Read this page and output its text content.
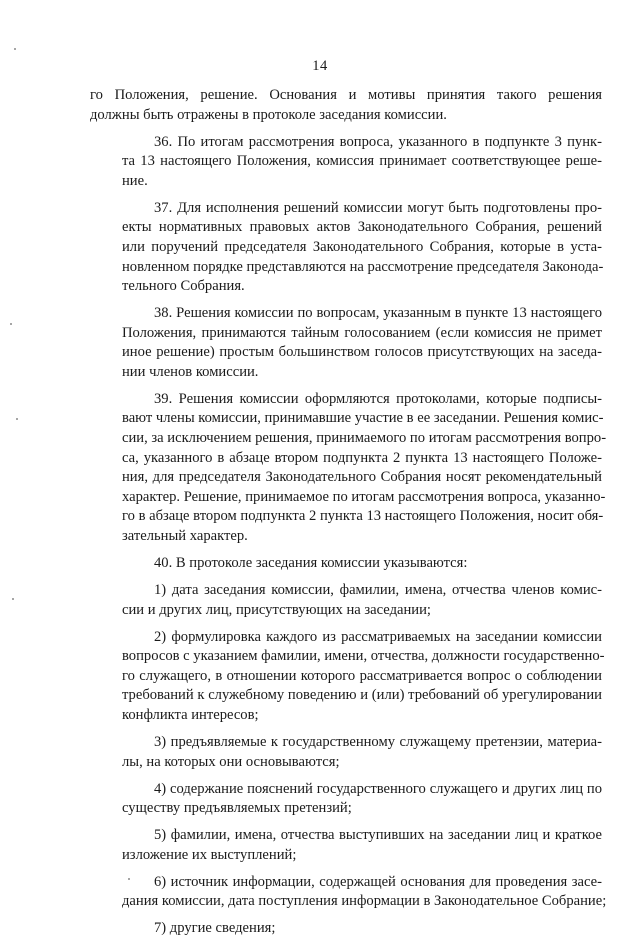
14
го Положения, решение. Основания и мотивы принятия такого решения
должны быть отражены в протоколе заседания комиссии.
36. По итогам рассмотрения вопроса, указанного в подпункте 3 пунк-
та 13 настоящего Положения, комиссия принимает соответствующее реше-
ние.
37. Для исполнения решений комиссии могут быть подготовлены про-
екты нормативных правовых актов Законодательного Собрания, решений
или поручений председателя Законодательного Собрания, которые в уста-
новленном порядке представляются на рассмотрение председателя Законода-
тельного Собрания.
38. Решения комиссии по вопросам, указанным в пункте 13 настоящего
Положения, принимаются тайным голосованием (если комиссия не примет
иное решение) простым большинством голосов присутствующих на заседа-
нии членов комиссии.
39. Решения комиссии оформляются протоколами, которые подписы-
вают члены комиссии, принимавшие участие в ее заседании. Решения комис-
сии, за исключением решения, принимаемого по итогам рассмотрения вопро-
са, указанного в абзаце втором подпункта 2 пункта 13 настоящего Положе-
ния, для председателя Законодательного Собрания носят рекомендательный
характер. Решение, принимаемое по итогам рассмотрения вопроса, указанно-
го в абзаце втором подпункта 2 пункта 13 настоящего Положения, носит обя-
зательный характер.
40. В протоколе заседания комиссии указываются:
1) дата заседания комиссии, фамилии, имена, отчества членов комис-
сии и других лиц, присутствующих на заседании;
2) формулировка каждого из рассматриваемых на заседании комиссии
вопросов с указанием фамилии, имени, отчества, должности государственно-
го служащего, в отношении которого рассматривается вопрос о соблюдении
требований к служебному поведению и (или) требований об урегулировании
конфликта интересов;
3) предъявляемые к государственному служащему претензии, материа-
лы, на которых они основываются;
4) содержание пояснений государственного служащего и других лиц по
существу предъявляемых претензий;
5) фамилии, имена, отчества выступивших на заседании лиц и краткое
изложение их выступлений;
6) источник информации, содержащей основания для проведения засе-
дания комиссии, дата поступления информации в Законодательное Собрание;
7) другие сведения;
